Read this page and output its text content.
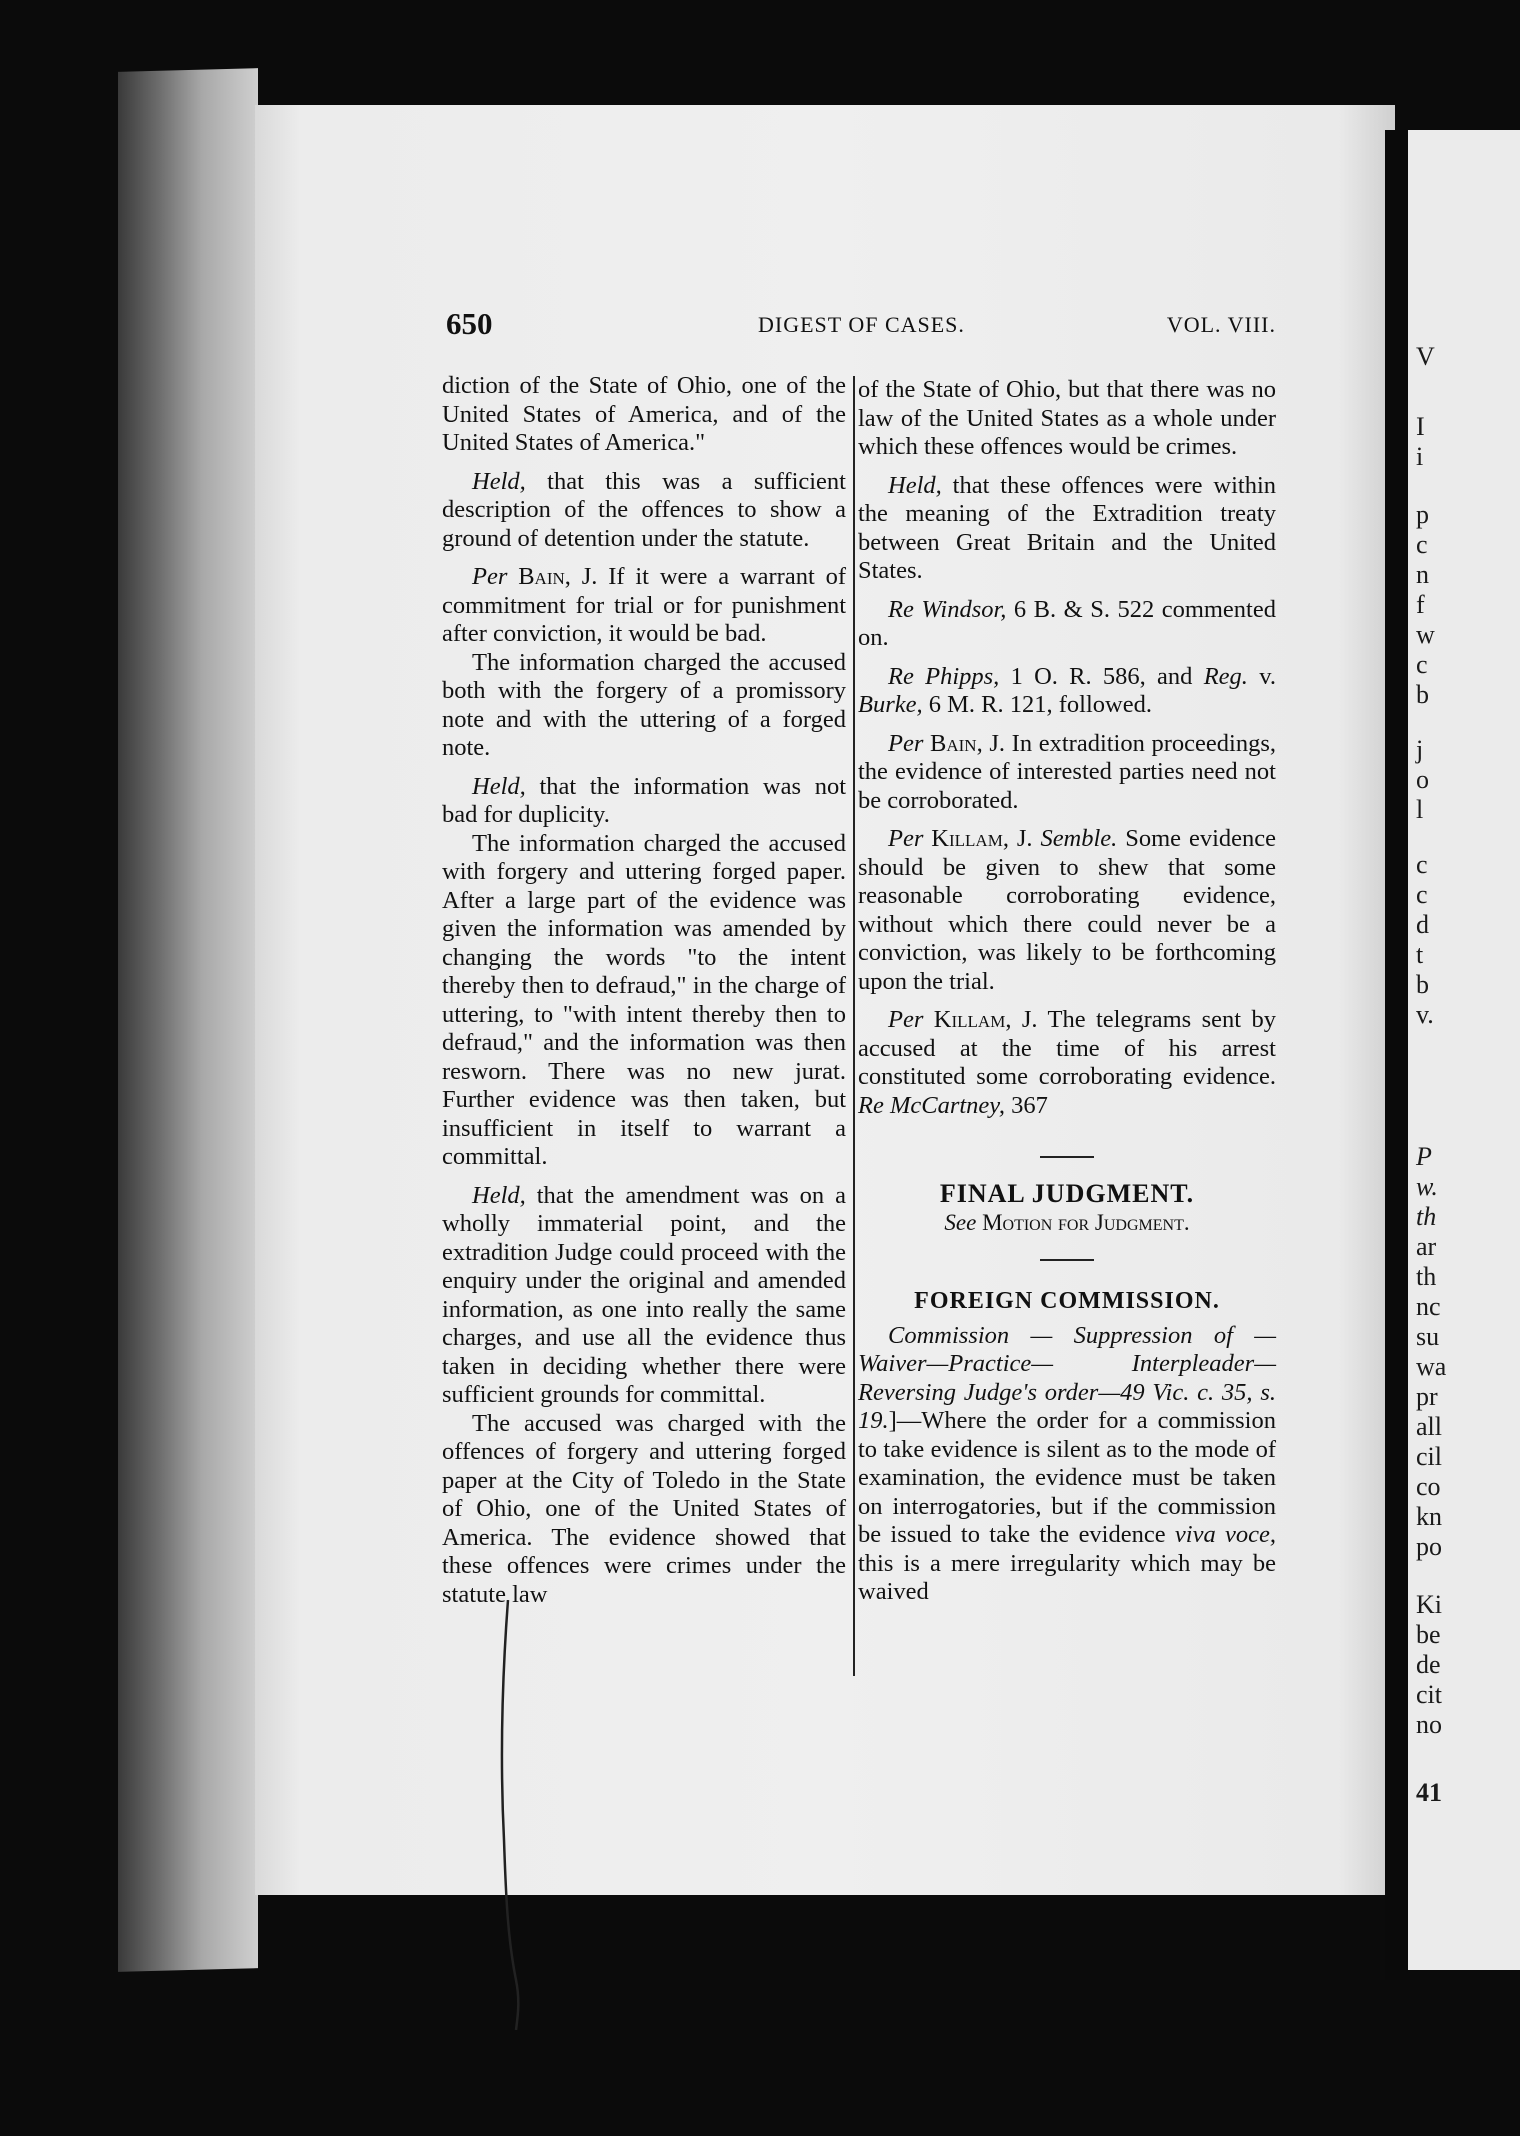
V
I
i
p
c
n
f
w
c
b
j
o
l
c
c
d
t
b
v.
P
w.
th
ar
th
nc
su
wa
pr
all
cil
co
kn
po
Ki
be
de
cit
no
41
650	DIGEST OF CASES.	VOL. VIII.

diction of the State of Ohio, one of the United States of America, and of the United States of America."

Held, that this was a sufficient description of the offences to show a ground of detention under the statute.

Per Bain, J. If it were a warrant of commitment for trial or for punishment after conviction, it would be bad.

The information charged the accused both with the forgery of a promissory note and with the uttering of a forged note.

Held, that the information was not bad for duplicity.

The information charged the accused with forgery and uttering forged paper. After a large part of the evidence was given the information was amended by changing the words "to the intent thereby then to defraud," in the charge of uttering, to "with intent thereby then to defraud," and the information was then resworn. There was no new jurat. Further evidence was then taken, but insufficient in itself to warrant a committal.

Held, that the amendment was on a wholly immaterial point, and the extradition Judge could proceed with the enquiry under the original and amended information, as one into really the same charges, and use all the evidence thus taken in deciding whether there were sufficient grounds for committal.

The accused was charged with the offences of forgery and uttering forged paper at the City of Toledo in the State of Ohio, one of the United States of America. The evidence showed that these offences were crimes under the statute law

of the State of Ohio, but that there was no law of the United States as a whole under which these offences would be crimes.

Held, that these offences were within the meaning of the Extradition treaty between Great Britain and the United States.

Re Windsor, 6 B. & S. 522 commented on.

Re Phipps, 1 O. R. 586, and Reg. v. Burke, 6 M. R. 121, followed.

Per Bain, J. In extradition proceedings, the evidence of interested parties need not be corroborated.

Per Killam, J. Semble. Some evidence should be given to shew that some reasonable corroborating evidence, without which there could never be a conviction, was likely to be forthcoming upon the trial.

Per Killam, J. The telegrams sent by accused at the time of his arrest constituted some corroborating evidence. Re McCartney, 367

FINAL JUDGMENT.
See Motion for Judgment.
FOREIGN COMMISSION.

Commission — Suppression of — Waiver—Practice— Interpleader— Reversing Judge's order—49 Vic. c. 35, s. 19.]—Where the order for a commission to take evidence is silent as to the mode of examination, the evidence must be taken on interrogatories, but if the commission be issued to take the evidence viva voce, this is a mere irregularity which may be waived
